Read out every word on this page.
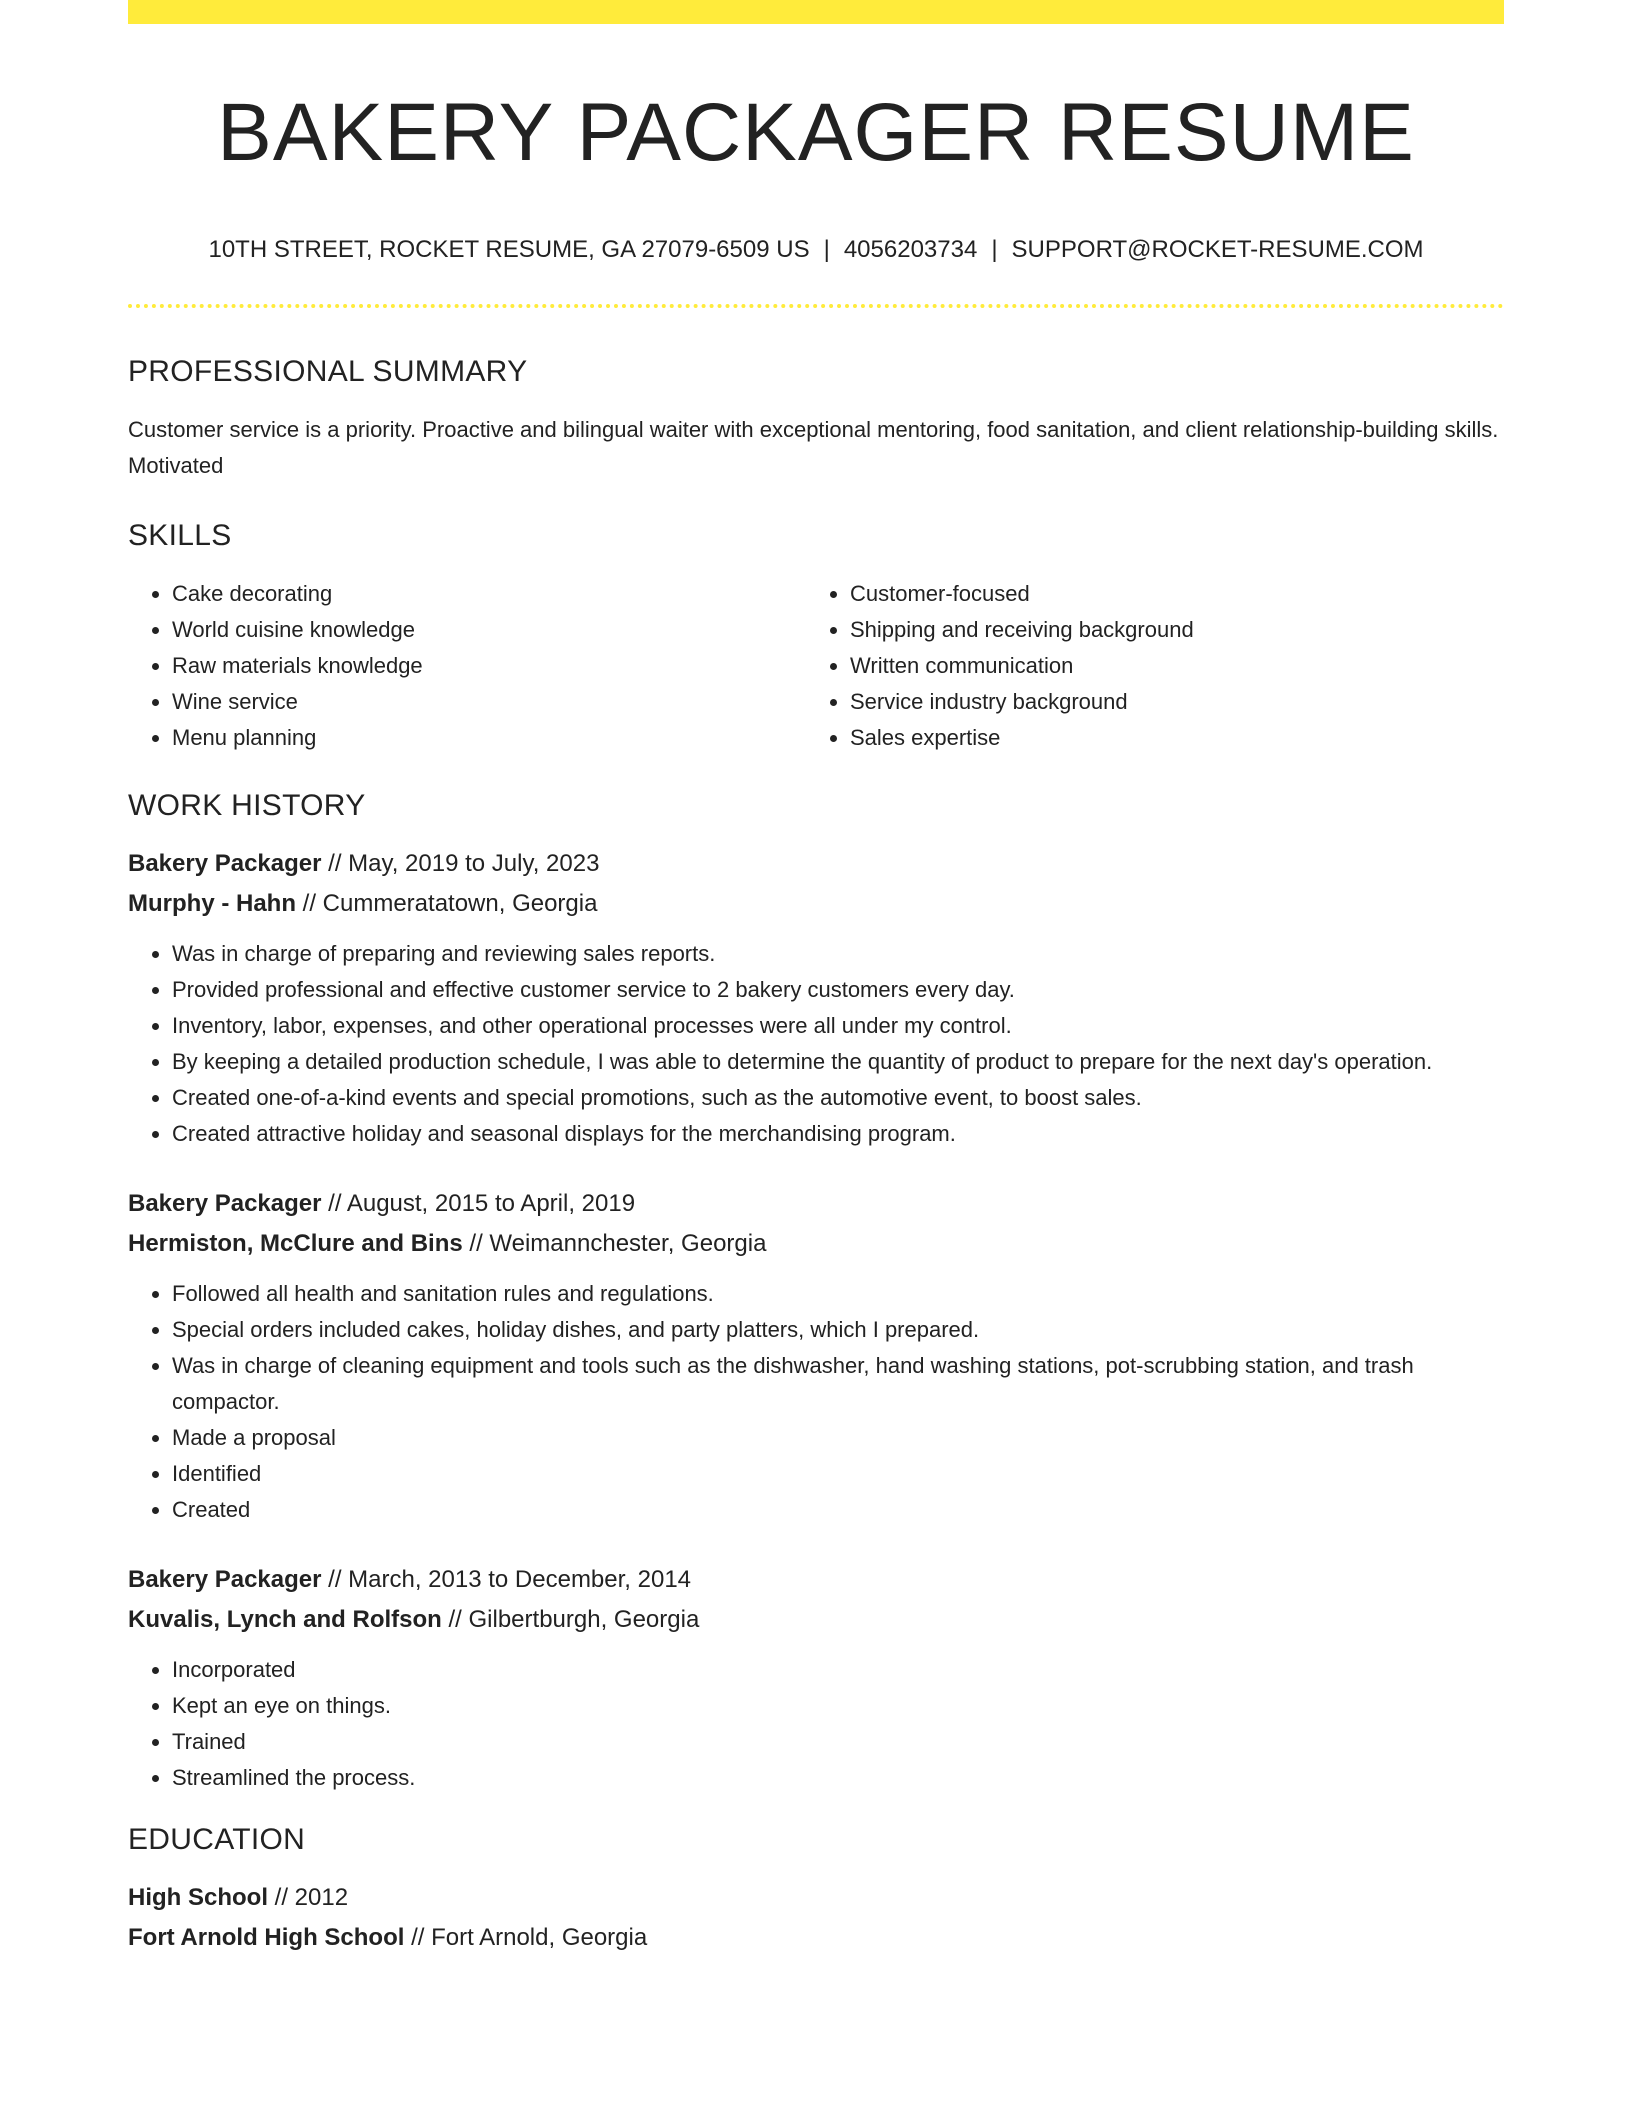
BAKERY PACKAGER RESUME
10TH STREET, ROCKET RESUME, GA 27079-6509 US | 4056203734 | SUPPORT@ROCKET-RESUME.COM
PROFESSIONAL SUMMARY

Customer service is a priority. Proactive and bilingual waiter with exceptional mentoring, food sanitation, and client relationship-building skills. Motivated

SKILLS
• Cake decorating
• World cuisine knowledge
• Raw materials knowledge
• Wine service
• Menu planning
• Customer-focused
• Shipping and receiving background
• Written communication
• Service industry background
• Sales expertise
WORK HISTORY
Bakery Packager // May, 2019 to July, 2023
Murphy - Hahn // Cummeratatown, Georgia
• Was in charge of preparing and reviewing sales reports.
• Provided professional and effective customer service to 2 bakery customers every day.
• Inventory, labor, expenses, and other operational processes were all under my control.
• By keeping a detailed production schedule, I was able to determine the quantity of product to prepare for the next day's operation.
• Created one-of-a-kind events and special promotions, such as the automotive event, to boost sales.
• Created attractive holiday and seasonal displays for the merchandising program.
Bakery Packager // August, 2015 to April, 2019
Hermiston, McClure and Bins // Weimannchester, Georgia
• Followed all health and sanitation rules and regulations.
• Special orders included cakes, holiday dishes, and party platters, which I prepared.
• Was in charge of cleaning equipment and tools such as the dishwasher, hand washing stations, pot-scrubbing station, and trash compactor.
• Made a proposal
• Identified
• Created
Bakery Packager // March, 2013 to December, 2014
Kuvalis, Lynch and Rolfson // Gilbertburgh, Georgia
• Incorporated
• Kept an eye on things.
• Trained
• Streamlined the process.
EDUCATION
High School // 2012
Fort Arnold High School // Fort Arnold, Georgia
